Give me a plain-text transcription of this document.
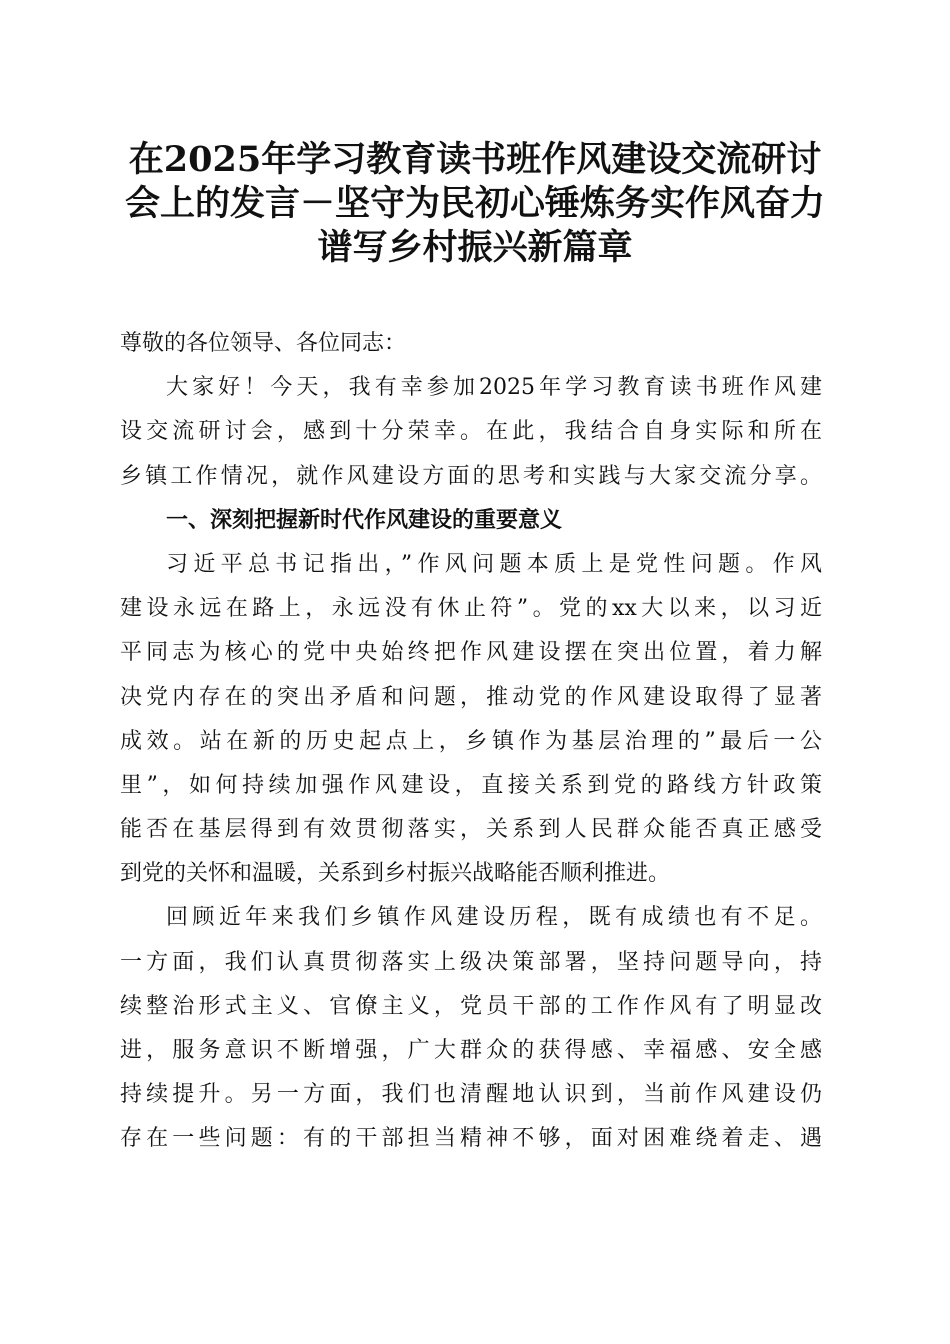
在2025年学习教育读书班作风建设交流研讨
会上的发言－坚守为民初心锤炼务实作风奋力
谱写乡村振兴新篇章
尊敬的各位领导、各位同志：
大家好！今天，我有幸参加2025年学习教育读书班作风建
设交流研讨会，感到十分荣幸。在此，我结合自身实际和所在
乡镇工作情况，就作风建设方面的思考和实践与大家交流分享。
一、深刻把握新时代作风建设的重要意义
习近平总书记指出，”作风问题本质上是党性问题。作风
建设永远在路上，永远没有休止符”。党的xx大以来，以习近
平同志为核心的党中央始终把作风建设摆在突出位置，着力解
决党内存在的突出矛盾和问题，推动党的作风建设取得了显著
成效。站在新的历史起点上，乡镇作为基层治理的”最后一公
里”，如何持续加强作风建设，直接关系到党的路线方针政策
能否在基层得到有效贯彻落实，关系到人民群众能否真正感受
到党的关怀和温暖，关系到乡村振兴战略能否顺利推进。
回顾近年来我们乡镇作风建设历程，既有成绩也有不足。
一方面，我们认真贯彻落实上级决策部署，坚持问题导向，持
续整治形式主义、官僚主义，党员干部的工作作风有了明显改
进，服务意识不断增强，广大群众的获得感、幸福感、安全感
持续提升。另一方面，我们也清醒地认识到，当前作风建设仍
存在一些问题：有的干部担当精神不够，面对困难绕着走、遇
